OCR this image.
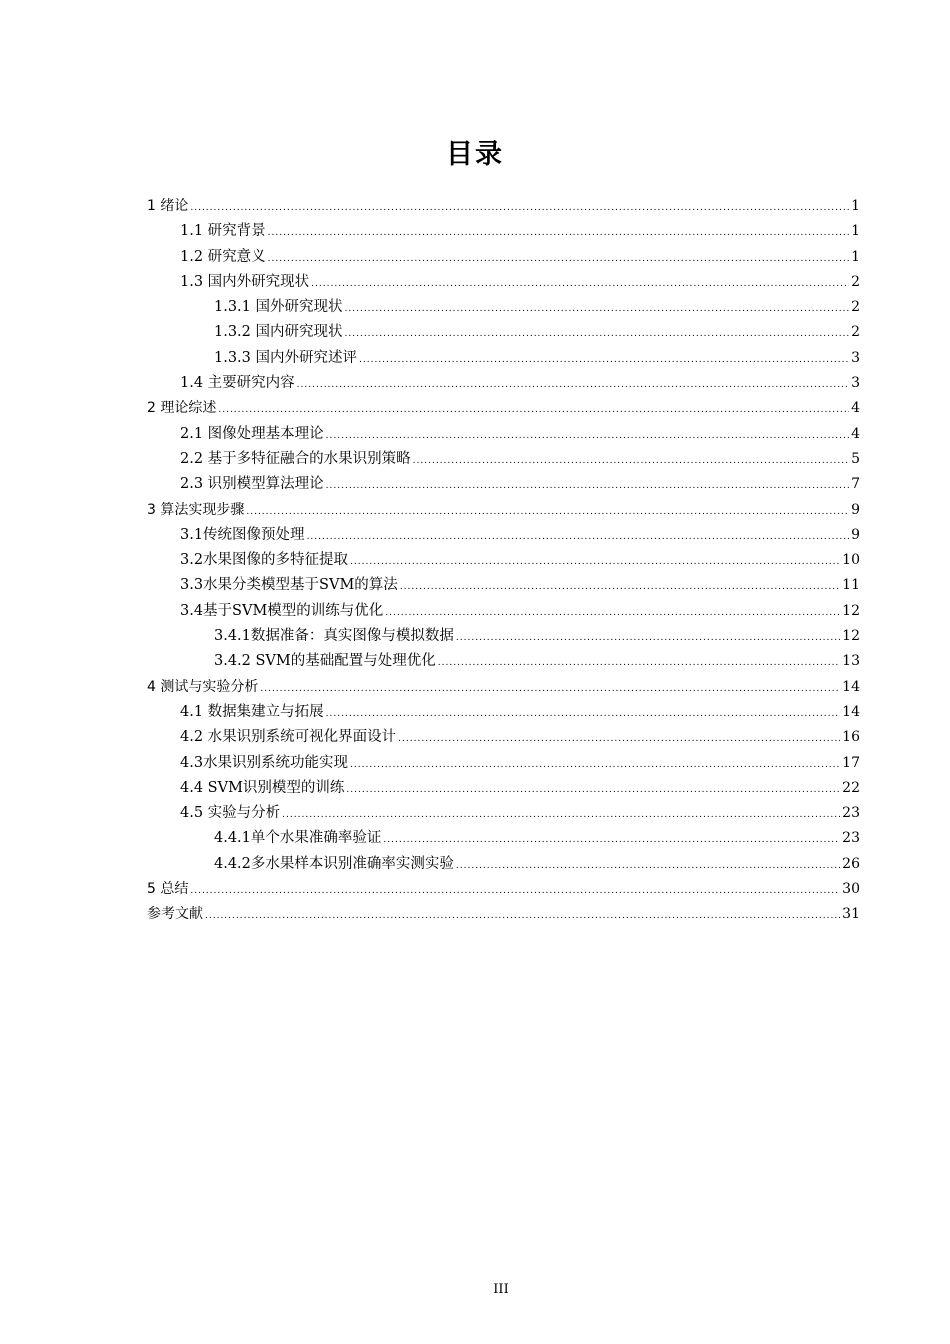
目录
1 绪论 .....	1
1.1 研究背景 .....	1
1.2 研究意义 .....	1
1.3 国内外研究现状 .....	2
1.3.1 国外研究现状 .....	2
1.3.2 国内研究现状 .....	2
1.3.3 国内外研究述评 .....	3
1.4 主要研究内容 .....	3
2 理论综述 .....	4
2.1 图像处理基本理论 .....	4
2.2 基于多特征融合的水果识别策略 .....	5
2.3 识别模型算法理论 .....	7
3 算法实现步骤 .....	9
3.1传统图像预处理 .....	9
3.2水果图像的多特征提取 .....	10
3.3水果分类模型基于SVM的算法 .....	11
3.4基于SVM模型的训练与优化 .....	12
3.4.1数据准备：真实图像与模拟数据 .....	12
3.4.2 SVM的基础配置与处理优化 .....	13
4 测试与实验分析 .....	14
4.1 数据集建立与拓展 .....	14
4.2 水果识别系统可视化界面设计 .....	16
4.3水果识别系统功能实现 .....	17
4.4 SVM识别模型的训练 .....	22
4.5 实验与分析 .....	23
4.4.1单个水果准确率验证 .....	23
4.4.2多水果样本识别准确率实测实验 .....	26
5 总结 .....	30
参考文献 .....	31
III
